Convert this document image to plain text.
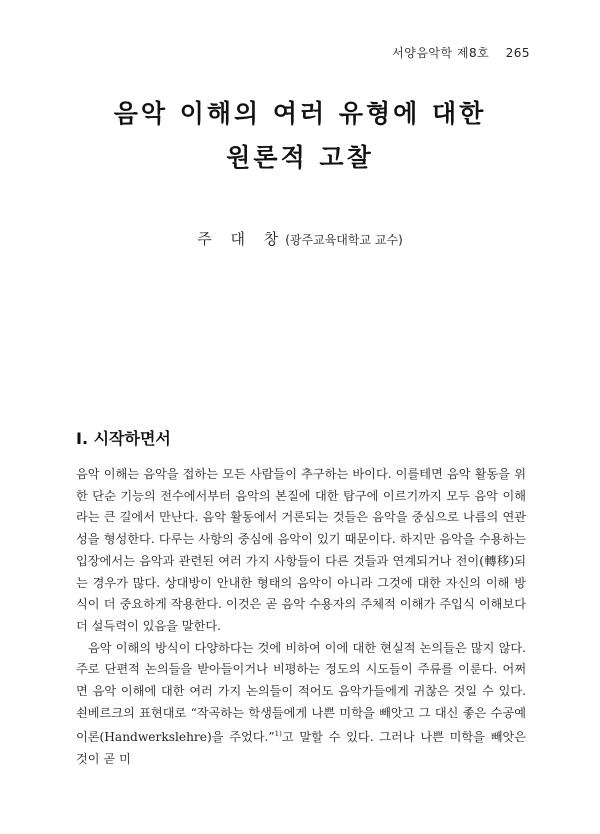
서양음악학 제8호 265
음악 이해의 여러 유형에 대한
원론적 고찰
주 대 창(광주교육대학교 교수)
I. 시작하면서

음악 이해는 음악을 접하는 모든 사람들이 추구하는 바이다. 이를테면 음악 활동을 위한 단순 기능의 전수에서부터 음악의 본질에 대한 탐구에 이르기까지 모두 음악 이해라는 큰 길에서 만난다. 음악 활동에서 거론되는 것들은 음악을 중심으로 나름의 연관성을 형성한다. 다루는 사항의 중심에 음악이 있기 때문이다. 하지만 음악을 수용하는 입장에서는 음악과 관련된 여러 가지 사항들이 다른 것들과 연계되거나 전이(轉移)되는 경우가 많다. 상대방이 안내한 형태의 음악이 아니라 그것에 대한 자신의 이해 방식이 더 중요하게 작용한다. 이것은 곧 음악 수용자의 주체적 이해가 주입식 이해보다 더 설득력이 있음을 말한다.

음악 이해의 방식이 다양하다는 것에 비하여 이에 대한 현실적 논의들은 많지 않다. 주로 단편적 논의들을 받아들이거나 비평하는 정도의 시도들이 주류를 이룬다. 어쩌면 음악 이해에 대한 여러 가지 논의들이 적어도 음악가들에게 귀찮은 것일 수 있다. 쇤베르크의 표현대로 “작곡하는 학생들에게 나쁜 미학을 빼앗고 그 대신 좋은 수공예이론(Handwerkslehre)을 주었다.”$^{1)}$고 말할 수 있다. 그러나 나쁜 미학을 빼앗은 것이 곧 미
